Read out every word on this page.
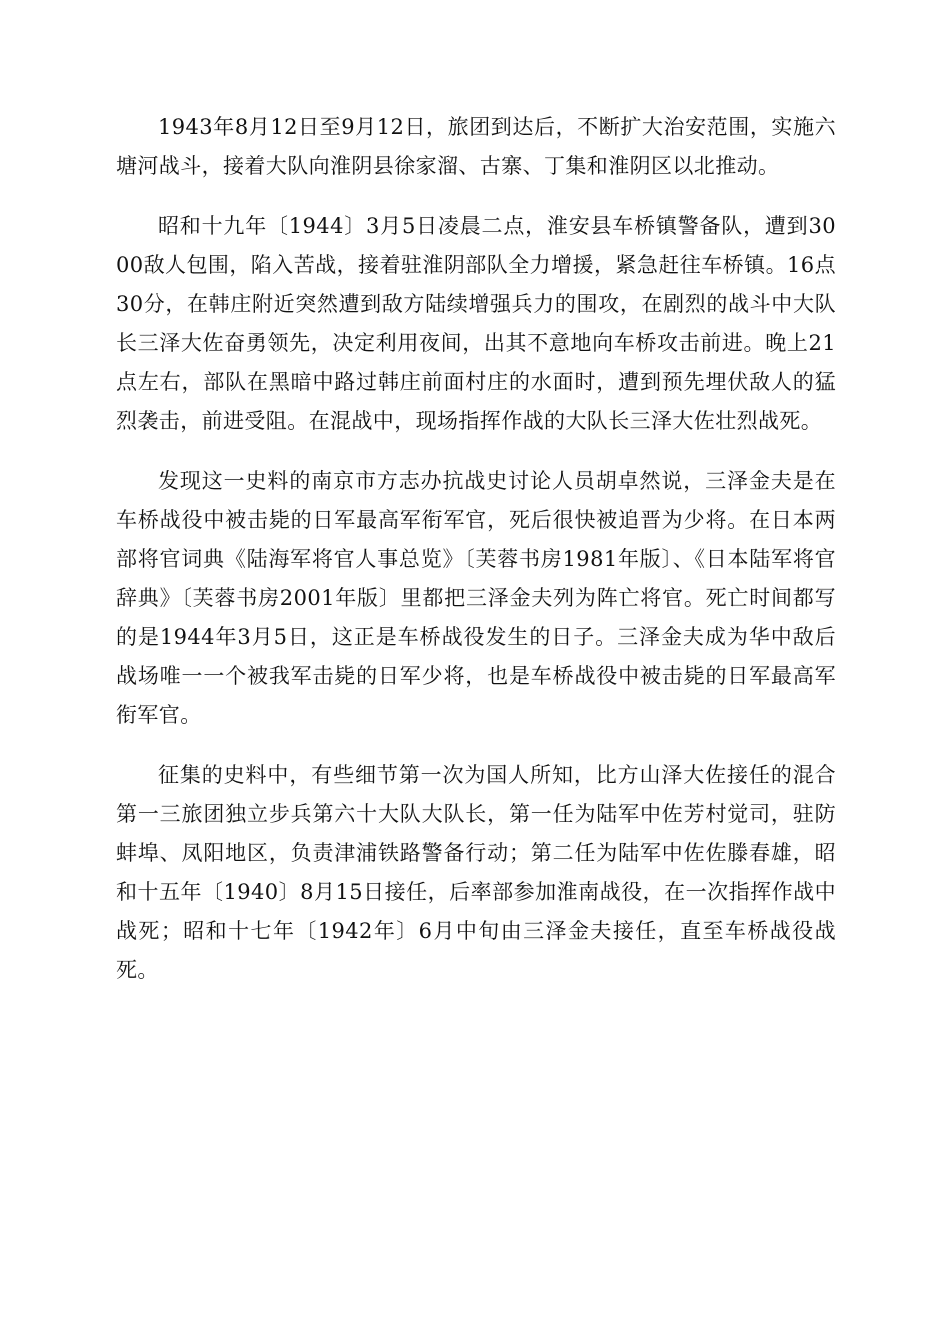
1943年8月12日至9月12日，旅团到达后，不断扩大治安范围，实施六塘河战斗，接着大队向淮阴县徐家溜、古寨、丁集和淮阴区以北推动。

昭和十九年〔1944〕3月5日凌晨二点，淮安县车桥镇警备队，遭到3000敌人包围，陷入苦战，接着驻淮阴部队全力增援，紧急赶往车桥镇。16点30分，在韩庄附近突然遭到敌方陆续增强兵力的围攻，在剧烈的战斗中大队长三泽大佐奋勇领先，决定利用夜间，出其不意地向车桥攻击前进。晚上21点左右，部队在黑暗中路过韩庄前面村庄的水面时，遭到预先埋伏敌人的猛烈袭击，前进受阻。在混战中，现场指挥作战的大队长三泽大佐壮烈战死。

发现这一史料的南京市方志办抗战史讨论人员胡卓然说，三泽金夫是在车桥战役中被击毙的日军最高军衔军官，死后很快被追晋为少将。在日本两部将官词典《陆海军将官人事总览》〔芙蓉书房1981年版〕、《日本陆军将官辞典》〔芙蓉书房2001年版〕里都把三泽金夫列为阵亡将官。死亡时间都写的是1944年3月5日，这正是车桥战役发生的日子。三泽金夫成为华中敌后战场唯一一个被我军击毙的日军少将，也是车桥战役中被击毙的日军最高军衔军官。

征集的史料中，有些细节第一次为国人所知，比方山泽大佐接任的混合第一三旅团独立步兵第六十大队大队长，第一任为陆军中佐芳村觉司，驻防蚌埠、凤阳地区，负责津浦铁路警备行动；第二任为陆军中佐佐滕春雄，昭和十五年〔1940〕8月15日接任，后率部参加淮南战役，在一次指挥作战中战死；昭和十七年〔1942年〕6月中旬由三泽金夫接任，直至车桥战役战死。
